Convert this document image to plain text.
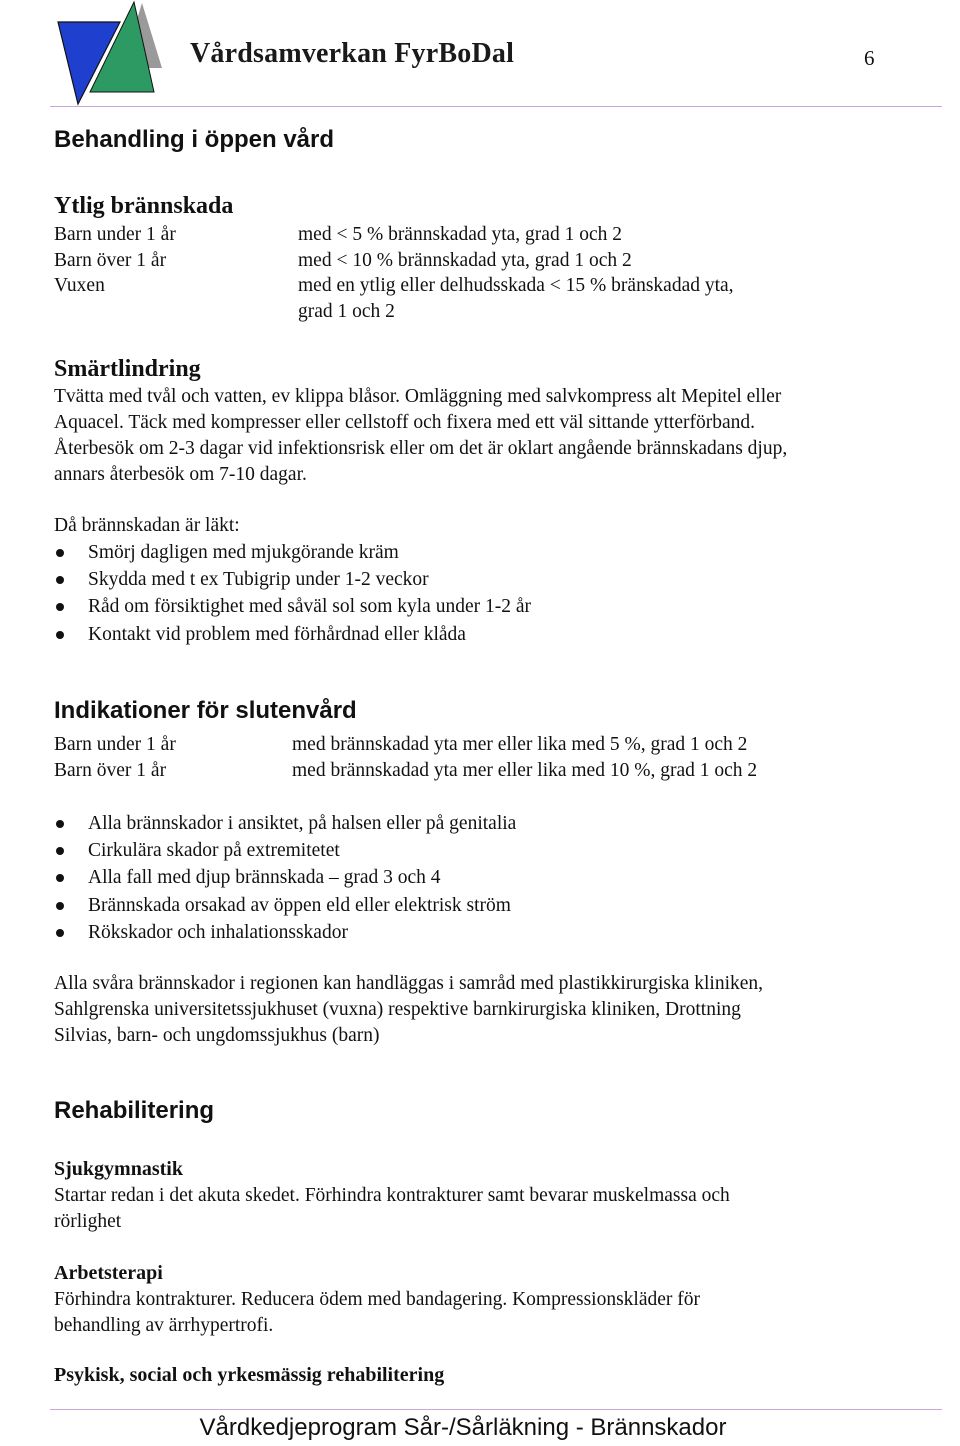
Vårdsamverkan FyrBoDal	6
Behandling i öppen vård
Ytlig brännskada
Barn under 1 år	med < 5 % brännskadad yta, grad 1 och 2
Barn över 1 år	med < 10 % brännskadad yta, grad 1 och 2
Vuxen	med en ytlig eller delhudsskada < 15 % bränskadad yta,
grad 1 och 2
Smärtlindring
Tvätta med tvål och vatten, ev klippa blåsor. Omläggning med salvkompress alt Mepitel eller
Aquacel. Täck med kompresser eller cellstoff och fixera med ett väl sittande ytterförband.
Återbesök om 2-3 dagar vid infektionsrisk eller om det är oklart angående brännskadans djup,
annars återbesök om 7-10 dagar.
Då brännskadan är läkt:
Smörj dagligen med mjukgörande kräm
Skydda med t ex Tubigrip under 1-2 veckor
Råd om försiktighet med såväl sol som kyla under 1-2 år
Kontakt vid problem med förhårdnad eller klåda
Indikationer för slutenvård
Barn under 1 år	med brännskadad yta mer eller lika med 5 %, grad 1 och 2
Barn över 1 år	med brännskadad yta mer eller lika med 10 %, grad 1 och 2
Alla brännskador i ansiktet, på halsen eller på genitalia
Cirkulära skador på extremitetet
Alla fall med djup brännskada – grad 3 och 4
Brännskada orsakad av öppen eld eller elektrisk ström
Rökskador och inhalationsskador
Alla svåra brännskador i regionen kan handläggas i samråd med plastikkirurgiska kliniken,
Sahlgrenska universitetssjukhuset (vuxna) respektive barnkirurgiska kliniken, Drottning
Silvias, barn- och ungdomssjukhus (barn)
Rehabilitering
Sjukgymnastik
Startar redan i det akuta skedet. Förhindra kontrakturer samt bevarar muskelmassa och
rörlighet
Arbetsterapi
Förhindra kontrakturer. Reducera ödem med bandagering. Kompressionskläder för
behandling av ärrhypertrofi.
Psykisk, social och yrkesmässig rehabilitering
Vårdkedjeprogram Sår-/Sårläkning - Brännskador
